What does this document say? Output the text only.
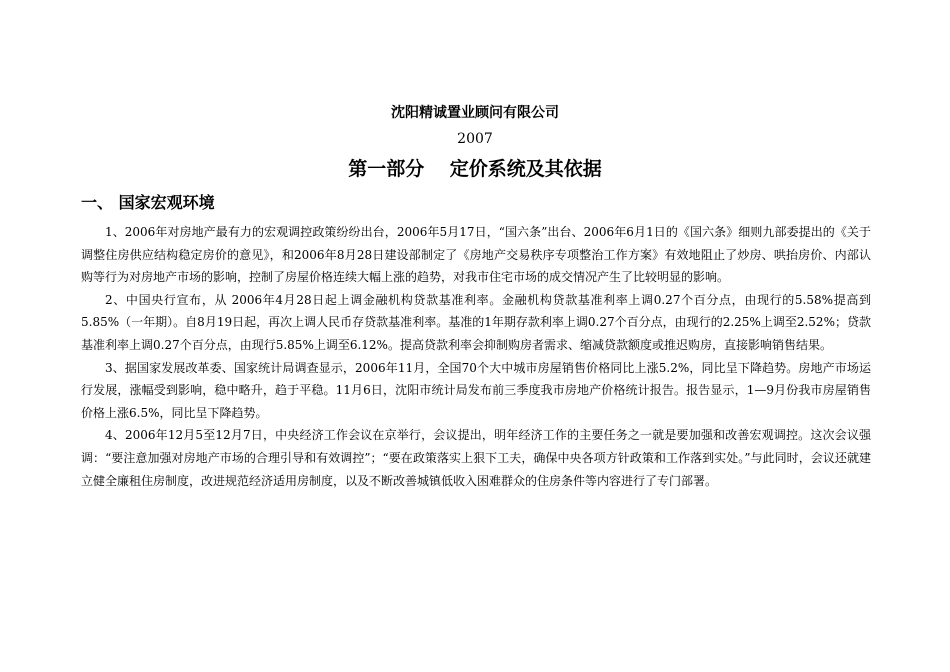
沈阳精诚置业顾问有限公司
2007
第一部分　 定价系统及其依据
一、 国家宏观环境

1、2006年对房地产最有力的宏观调控政策纷纷出台，2006年5月17日，“国六条”出台、2006年6月1日的《国六条》细则九部委提出的《关于调整住房供应结构稳定房价的意见》，和2006年8月28日建设部制定了《房地产交易秩序专项整治工作方案》有效地阻止了炒房、哄抬房价、内部认购等行为对房地产市场的影响，控制了房屋价格连续大幅上涨的趋势，对我市住宅市场的成交情况产生了比较明显的影响。

2、中国央行宣布，从 2006年4月28日起上调金融机构贷款基准利率。金融机构贷款基准利率上调0.27个百分点，由现行的5.58%提高到5.85%（一年期）。自8月19日起，再次上调人民币存贷款基准利率。基准的1年期存款利率上调0.27个百分点，由现行的2.25%上调至2.52%；贷款基准利率上调0.27个百分点，由现行5.85%上调至6.12%。提高贷款利率会抑制购房者需求、缩减贷款额度或推迟购房，直接影响销售结果。

3、据国家发展改革委、国家统计局调查显示，2006年11月，全国70个大中城市房屋销售价格同比上涨5.2%，同比呈下降趋势。房地产市场运行发展，涨幅受到影响，稳中略升，趋于平稳。11月6日，沈阳市统计局发布前三季度我市房地产价格统计报告。报告显示，1—9月份我市房屋销售价格上涨6.5%，同比呈下降趋势。

4、2006年12月5至12月7日，中央经济工作会议在京举行，会议提出，明年经济工作的主要任务之一就是要加强和改善宏观调控。这次会议强调：“要注意加强对房地产市场的合理引导和有效调控”；“要在政策落实上狠下工夫，确保中央各项方针政策和工作落到实处。”与此同时，会议还就建立健全廉租住房制度，改进规范经济适用房制度，以及不断改善城镇低收入困难群众的住房条件等内容进行了专门部署。
